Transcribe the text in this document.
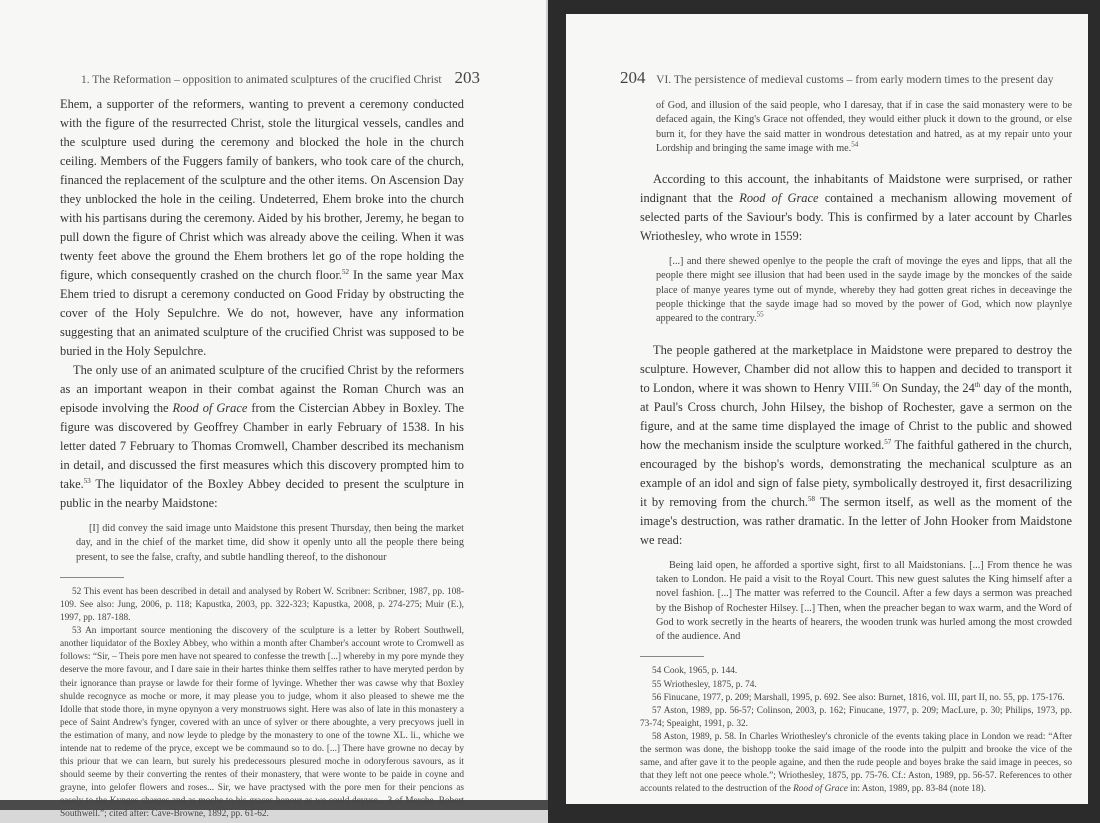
1. The Reformation – opposition to animated sculptures of the crucified Christ 203

Ehem, a supporter of the reformers, wanting to prevent a ceremony conducted with the figure of the resurrected Christ, stole the liturgical vessels, candles and the sculpture used during the ceremony and blocked the hole in the church ceiling. Members of the Fuggers family of bankers, who took care of the church, financed the replacement of the sculpture and the other items. On Ascension Day they unblocked the hole in the ceiling. Undeterred, Ehem broke into the church with his partisans during the ceremony. Aided by his brother, Jeremy, he began to pull down the figure of Christ which was already above the ceiling. When it was twenty feet above the ground the Ehem brothers let go of the rope holding the figure, which consequently crashed on the church floor.$^{52}$ In the same year Max Ehem tried to disrupt a ceremony conducted on Good Friday by obstructing the cover of the Holy Sepulchre. We do not, however, have any information suggesting that an animated sculpture of the crucified Christ was supposed to be buried in the Holy Sepulchre.

The only use of an animated sculpture of the crucified Christ by the reformers as an important weapon in their combat against the Roman Church was an episode involving the Rood of Grace from the Cistercian Abbey in Boxley. The figure was discovered by Geoffrey Chamber in early February of 1538. In his letter dated 7 February to Thomas Cromwell, Chamber described its mechanism in detail, and discussed the first measures which this discovery prompted him to take.$^{53}$ The liquidator of the Boxley Abbey decided to present the sculpture in public in the nearby Maidstone:

[I] did convey the said image unto Maidstone this present Thursday, then being the market day, and in the chief of the market time, did show it openly unto all the people there being present, to see the false, crafty, and subtle handling thereof, to the dishonour

52 This event has been described in detail and analysed by Robert W. Scribner: Scribner, 1987, pp. 108-109. See also: Jung, 2006, p. 118; Kapustka, 2003, pp. 322-323; Kapustka, 2008, p. 274-275; Muir (E.), 1997, pp. 187-188.

53 An important source mentioning the discovery of the sculpture is a letter by Robert Southwell, another liquidator of the Boxley Abbey, who within a month after Chamber's account wrote to Cromwell as follows: “Sir, – Theis pore men have not speared to confesse the trewth [...] whereby in my pore mynde they deserve the more favour, and I dare saie in their hartes thinke them selffes rather to have meryted perdon by their ignorance than prayse or lawde for their forme of lyvinge. Whether ther was cawse why that Boxley shulde recognyce as moche or more, it may please you to judge, whom it also pleased to shewe me the Idolle that stode thore, in myne opynyon a very monstruows sight. Here was also of late in this monastery a pece of Saint Andrew's fynger, covered with an unce of sylver or there aboughte, a very precyows juell in the estimation of many, and now leyde to pledge by the monastery to one of the towne XL. li., whiche we intende nat to redeme of the pryce, except we be commaund so to do. [...] There have growne no decay by this priour that we can learn, but surely his predecessours plesured moche in odoryferous savours, as it should seeme by their converting the rentes of their monastery, that were wonte to be paide in coyne and grayne, into gelofer flowers and roses... Sir, we have practysed with the pore men for their pencions as easely to the Kynges charges and as moche to his graces honour as we could devyse... 3 of Merche. Robert Southwell.”; cited after: Cave-Browne, 1892, pp. 61-62.

204 VI. The persistence of medieval customs – from early modern times to the present day

of God, and illusion of the said people, who I daresay, that if in case the said monastery were to be defaced again, the King's Grace not offended, they would either pluck it down to the ground, or else burn it, for they have the said matter in wondrous detestation and hatred, as at my repair unto your Lordship and bringing the same image with me.$^{54}$

According to this account, the inhabitants of Maidstone were surprised, or rather indignant that the Rood of Grace contained a mechanism allowing movement of selected parts of the Saviour's body. This is confirmed by a later account by Charles Wriothesley, who wrote in 1559:

[...] and there shewed openlye to the people the craft of movinge the eyes and lipps, that all the people there might see illusion that had been used in the sayde image by the monckes of the saide place of manye yeares tyme out of mynde, whereby they had gotten great riches in deceavinge the people thickinge that the sayde image had so moved by the power of God, which now playnlye appeared to the contrary.$^{55}$

The people gathered at the marketplace in Maidstone were prepared to destroy the sculpture. However, Chamber did not allow this to happen and decided to transport it to London, where it was shown to Henry VIII.$^{56}$ On Sunday, the 24th day of the month, at Paul's Cross church, John Hilsey, the bishop of Rochester, gave a sermon on the figure, and at the same time displayed the image of Christ to the public and showed how the mechanism inside the sculpture worked.$^{57}$ The faithful gathered in the church, encouraged by the bishop's words, demonstrating the mechanical sculpture as an example of an idol and sign of false piety, symbolically destroyed it, first desacrilizing it by removing from the church.$^{58}$ The sermon itself, as well as the moment of the image's destruction, was rather dramatic. In the letter of John Hooker from Maidstone we read:

Being laid open, he afforded a sportive sight, first to all Maidstonians. [...] From thence he was taken to London. He paid a visit to the Royal Court. This new guest salutes the King himself after a novel fashion. [...] The matter was referred to the Council. After a few days a sermon was preached by the Bishop of Rochester Hilsey. [...] Then, when the preacher began to wax warm, and the Word of God to work secretly in the hearts of hearers, the wooden trunk was hurled among the most crowded of the audience. And

54 Cook, 1965, p. 144.

55 Wriothesley, 1875, p. 74.

56 Finucane, 1977, p. 209; Marshall, 1995, p. 692. See also: Burnet, 1816, vol. III, part II, no. 55, pp. 175-176.

57 Aston, 1989, pp. 56-57; Colinson, 2003, p. 162; Finucane, 1977, p. 209; MacLure, p. 30; Philips, 1973, pp. 73-74; Speaight, 1991, p. 32.

58 Aston, 1989, p. 58. In Charles Wriothesley's chronicle of the events taking place in London we read: “After the sermon was done, the bishopp tooke the said image of the roode into the pulpitt and brooke the vice of the same, and after gave it to the people againe, and then the rude people and boyes brake the said image in peeces, so that they left not one peece whole.”; Wriothesley, 1875, pp. 75-76. Cf.: Aston, 1989, pp. 56-57. References to other accounts related to the destruction of the Rood of Grace in: Aston, 1989, pp. 83-84 (note 18).
